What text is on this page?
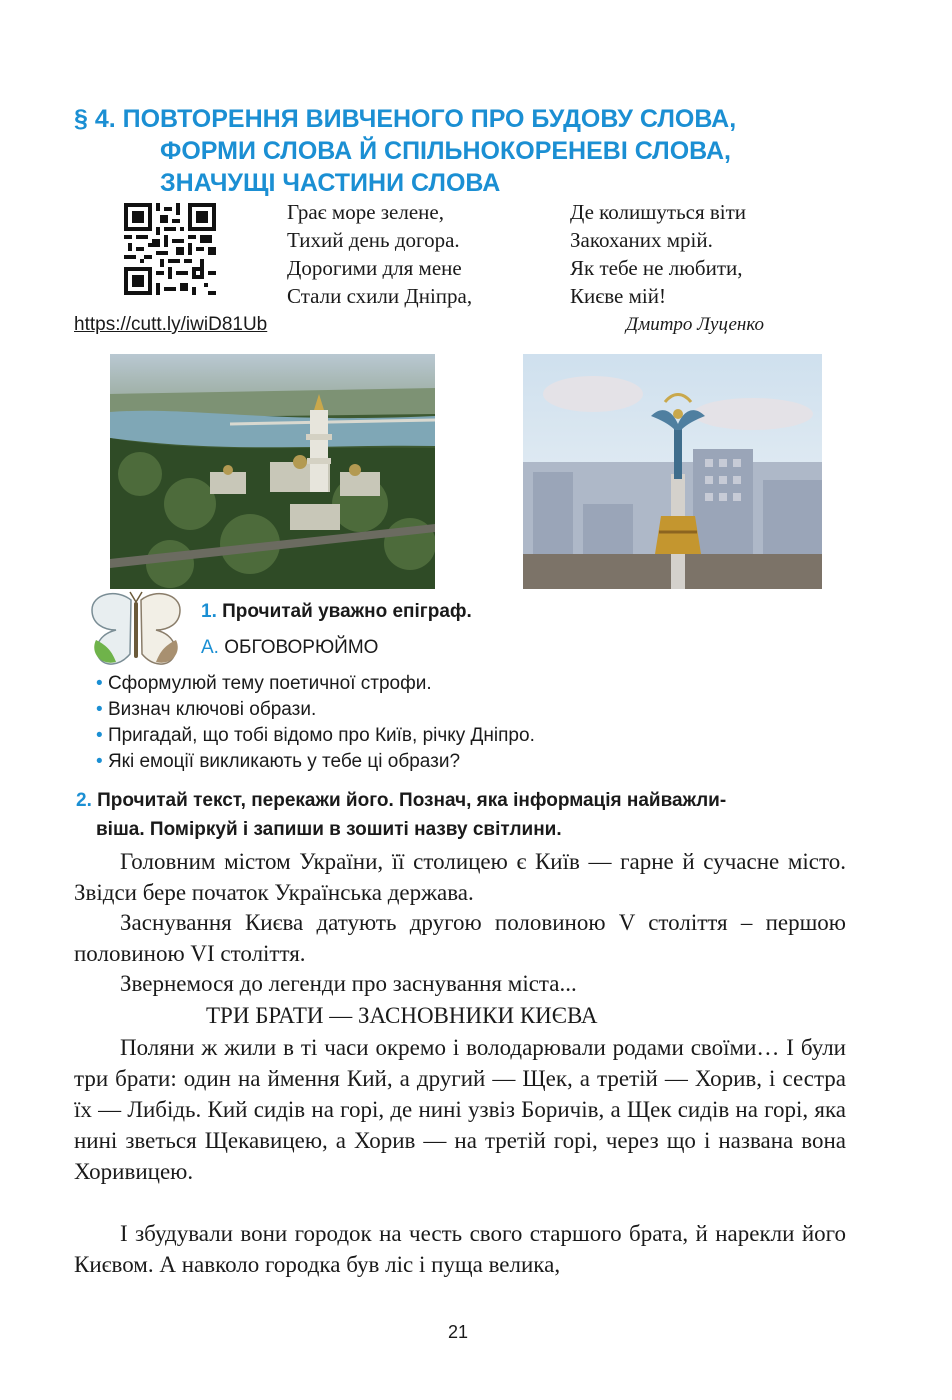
§ 4. ПОВТОРЕННЯ ВИВЧЕНОГО ПРО БУДОВУ СЛОВА,
ФОРМИ СЛОВА Й СПІЛЬНОКОРЕНЕВІ СЛОВА,
ЗНАЧУЩІ ЧАСТИНИ СЛОВА
https://cutt.ly/iwiD81Ub
Грає море зелене,
Тихий день догора.
Дорогими для мене
Стали схили Дніпра,
Де колишуться віти
Закоханих мрій.
Як тебе не любити,
Києве мій!
Дмитро Луценко
1. Прочитай уважно епіграф.
А. ОБГОВОРЮЙМО
• Сформулюй тему поетичної строфи.
• Визнач ключові образи.
• Пригадай, що тобі відомо про Київ, річку Дніпро.
• Які емоції викликають у тебе ці образи?
2. Прочитай текст, перекажи його. Познач, яка інформація найважли-
віша. Поміркуй і запиши в зошиті назву світлини.
Головним містом України, її столицею є Київ — гарне й сучасне місто. Звідси бере початок Українська держава.
Заснування Києва датують другою половиною V століття – першою половиною VI століття.
Звернемося до легенди про заснування міста...
ТРИ БРАТИ — ЗАСНОВНИКИ КИЄВА
Поляни ж жили в ті часи окремо і володарювали родами своїми… І були три брати: один на ймення Кий, а другий — Щек, а третій — Хорив, і сестра їх — Либідь. Кий сидів на горі, де нині узвіз Боричів, а Щек сидів на горі, яка нині зветься Щекавицею, а Хорив — на третій горі, через що і названа вона Хоривицею.
І збудували вони городок на честь свого старшого брата, й нарекли його Києвом. А навколо городка був ліс і пуща велика,
21
